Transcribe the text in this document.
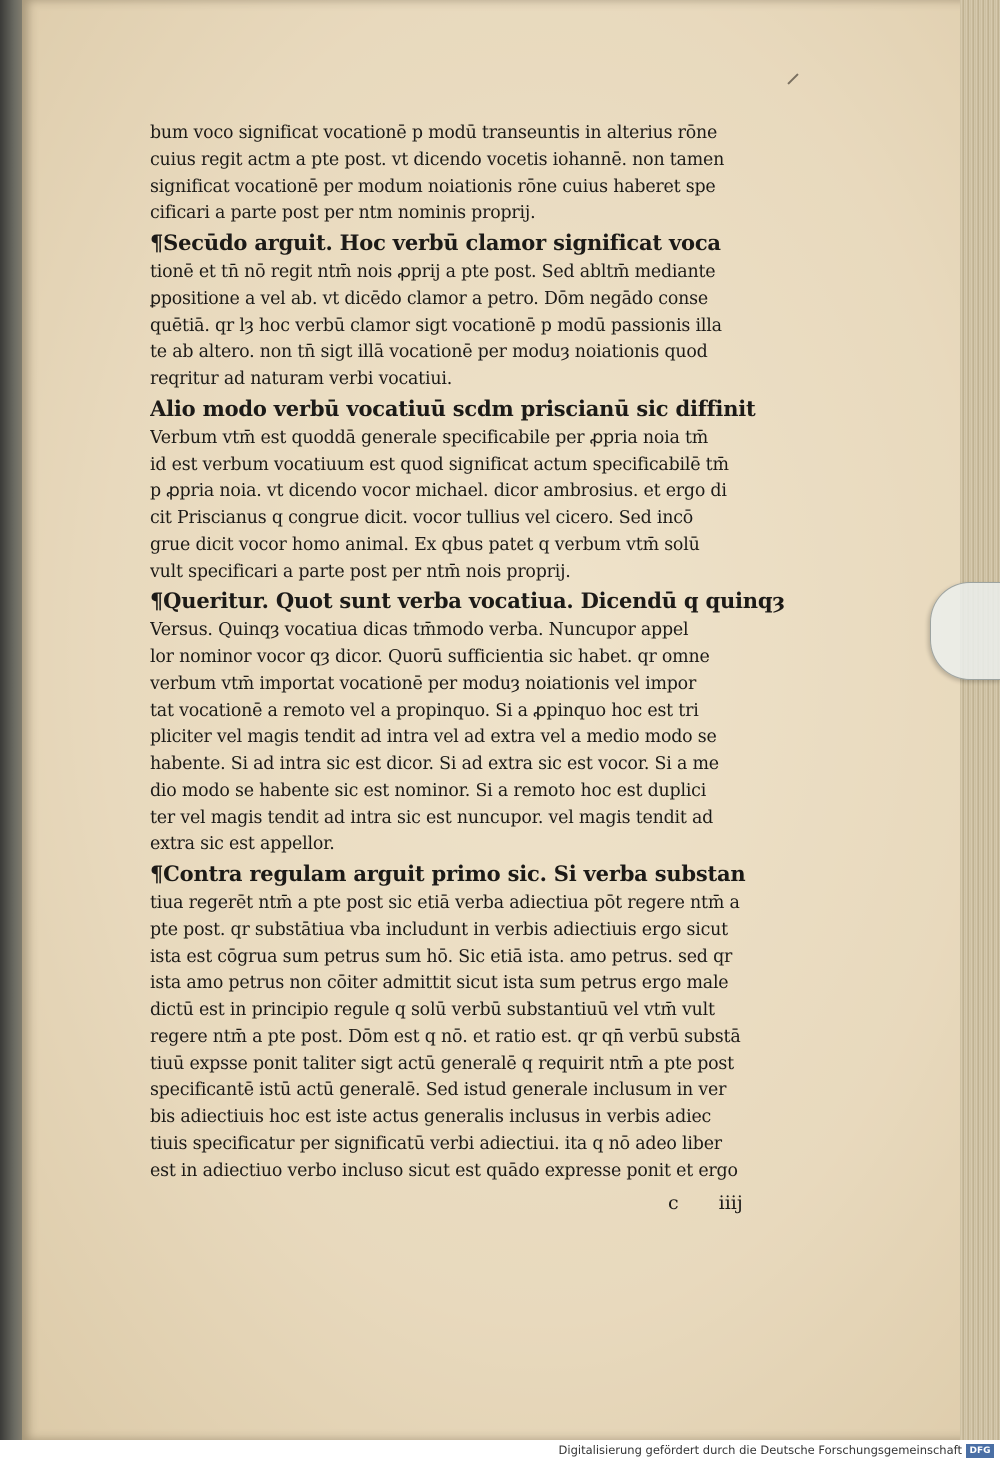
bum voco significat vocationē p modū transeuntis in alterius rōne
cuius regit actm a pte post. vt dicendo vocetis iohannē. non tamen
significat vocationē per modum noiationis rōne cuius haberet spe
cificari a parte post per ntm nominis proprij.
¶Secūdo arguit. Hoc verbū clamor significat voca
tionē et tn̄ nō regit ntm̄ nois ꝓprij a pte post. Sed abltm̄ mediante
ꝑpositione a vel ab. vt dicēdo clamor a petro. Dōm negādo conse
quētiā. qr lȝ hoc verbū clamor sigt vocationē p modū passionis illa
te ab altero. non tn̄ sigt illā vocationē per moduȝ noiationis quod
reqritur ad naturam verbi vocatiui.
Alio modo verbū vocatiuū scdm priscianū sic diffinit
Verbum vtm̄ est quoddā generale specificabile per ꝓpria noia tm̄
id est verbum vocatiuum est quod significat actum specificabilē tm̄
p ꝓpria noia. vt dicendo vocor michael. dicor ambrosius. et ergo di
cit Priscianus q congrue dicit. vocor tullius vel cicero. Sed incō
grue dicit vocor homo animal. Ex qbus patet q verbum vtm̄ solū
vult specificari a parte post per ntm̄ nois proprij.
¶Queritur. Quot sunt verba vocatiua. Dicendū q quinqȝ
Versus. Quinqȝ vocatiua dicas tm̄modo verba. Nuncupor appel
lor nominor vocor qȝ dicor. Quorū sufficientia sic habet. qr omne
verbum vtm̄ importat vocationē per moduȝ noiationis vel impor
tat vocationē a remoto vel a propinquo. Si a ꝓpinquo hoc est tri
pliciter vel magis tendit ad intra vel ad extra vel a medio modo se
habente. Si ad intra sic est dicor. Si ad extra sic est vocor. Si a me
dio modo se habente sic est nominor. Si a remoto hoc est duplici
ter vel magis tendit ad intra sic est nuncupor. vel magis tendit ad
extra sic est appellor.
¶Contra regulam arguit primo sic. Si verba substan
tiua regerēt ntm̄ a pte post sic etiā verba adiectiua pōt regere ntm̄ a
pte post. qr substātiua vba includunt in verbis adiectiuis ergo sicut
ista est cōgrua sum petrus sum hō. Sic etiā ista. amo petrus. sed qr
ista amo petrus non cōiter admittit sicut ista sum petrus ergo male
dictū est in principio regule q solū verbū substantiuū vel vtm̄ vult
regere ntm̄ a pte post. Dōm est q nō. et ratio est. qr qn̄ verbū substā
tiuū expsse ponit taliter sigt actū generalē q requirit ntm̄ a pte post
specificantē istū actū generalē. Sed istud generale inclusum in ver
bis adiectiuis hoc est iste actus generalis inclusus in verbis adiec
tiuis specificatur per significatū verbi adiectiui. ita q nō adeo liber
est in adiectiuo verbo incluso sicut est quādo expresse ponit et ergo
c iiij
Digitalisierung gefördert durch die Deutsche Forschungsgemeinschaft DFG
